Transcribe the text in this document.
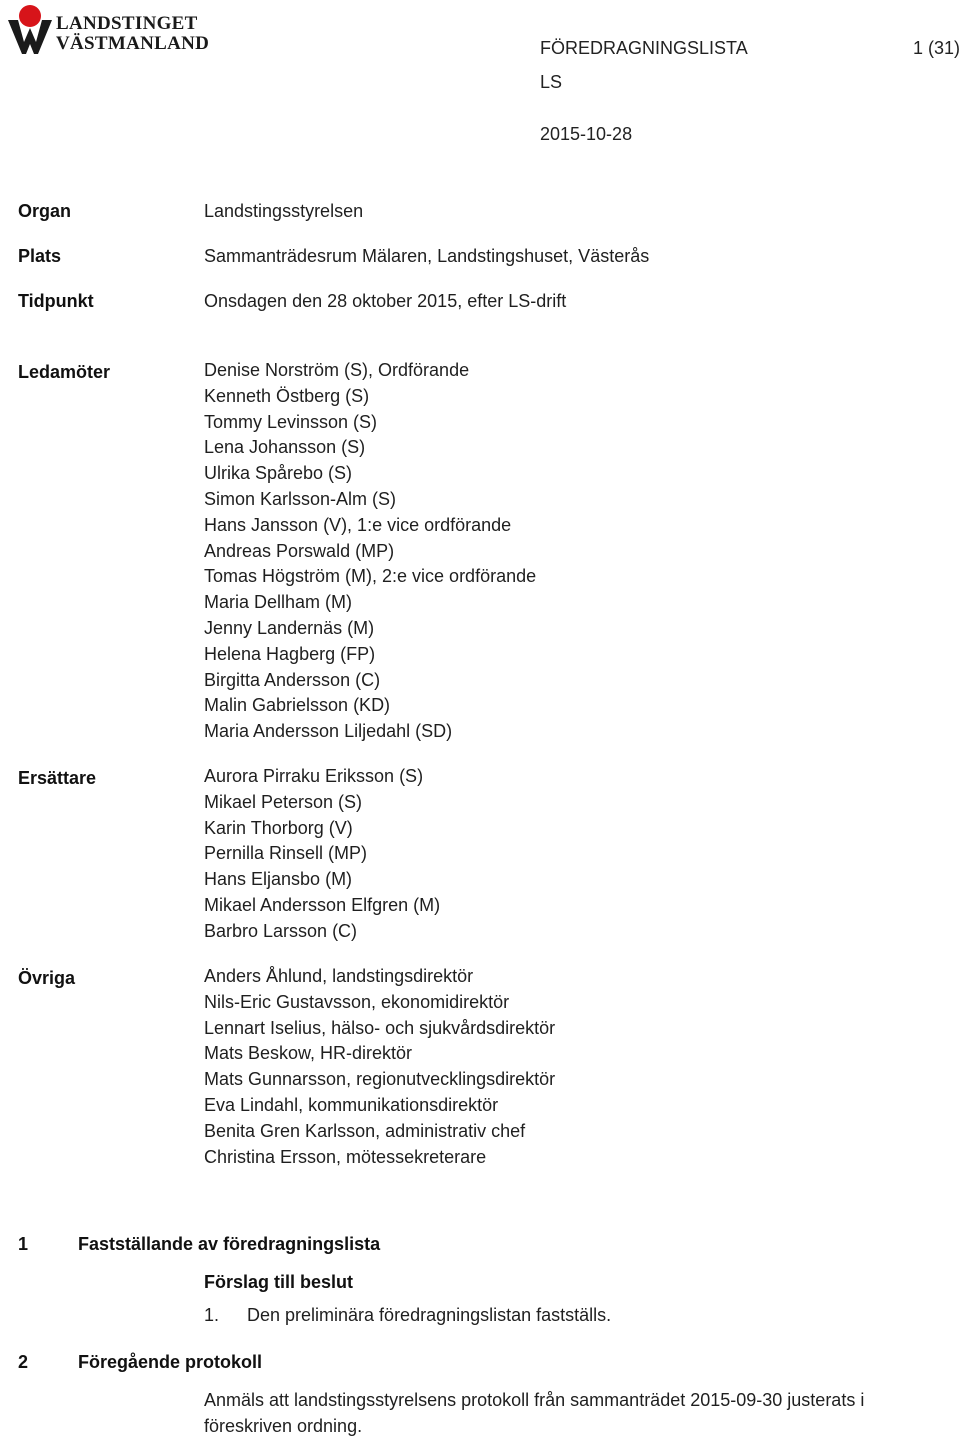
LANDSTINGET
VÄSTMANLAND	FÖREDRAGNINGSLISTA	1 (31)
LS
2015-10-28
Organ	Landstingsstyrelsen
Plats	Sammanträdesrum Mälaren, Landstingshuset, Västerås
Tidpunkt	Onsdagen den 28 oktober 2015, efter LS-drift
Ledamöter	Denise Norström (S), Ordförande
Kenneth Östberg (S)
Tommy Levinsson (S)
Lena Johansson (S)
Ulrika Spårebo (S)
Simon Karlsson-Alm (S)
Hans Jansson (V), 1:e vice ordförande
Andreas Porswald (MP)
Tomas Högström (M), 2:e vice ordförande
Maria Dellham (M)
Jenny Landernäs (M)
Helena Hagberg (FP)
Birgitta Andersson (C)
Malin Gabrielsson (KD)
Maria Andersson Liljedahl (SD)
Ersättare	Aurora Pirraku Eriksson (S)
Mikael Peterson (S)
Karin Thorborg (V)
Pernilla Rinsell (MP)
Hans Eljansbo (M)
Mikael Andersson Elfgren (M)
Barbro Larsson (C)
Övriga	Anders Åhlund, landstingsdirektör
Nils-Eric Gustavsson, ekonomidirektör
Lennart Iselius, hälso- och sjukvårdsdirektör
Mats Beskow, HR-direktör
Mats Gunnarsson, regionutvecklingsdirektör
Eva Lindahl, kommunikationsdirektör
Benita Gren Karlsson, administrativ chef
Christina Ersson, mötessekreterare
1	Fastställande av föredragningslista
Förslag till beslut
1. Den preliminära föredragningslistan fastställs.
2	Föregående protokoll
Anmäls att landstingsstyrelsens protokoll från sammanträdet 2015-09-30 justerats i föreskriven ordning.
